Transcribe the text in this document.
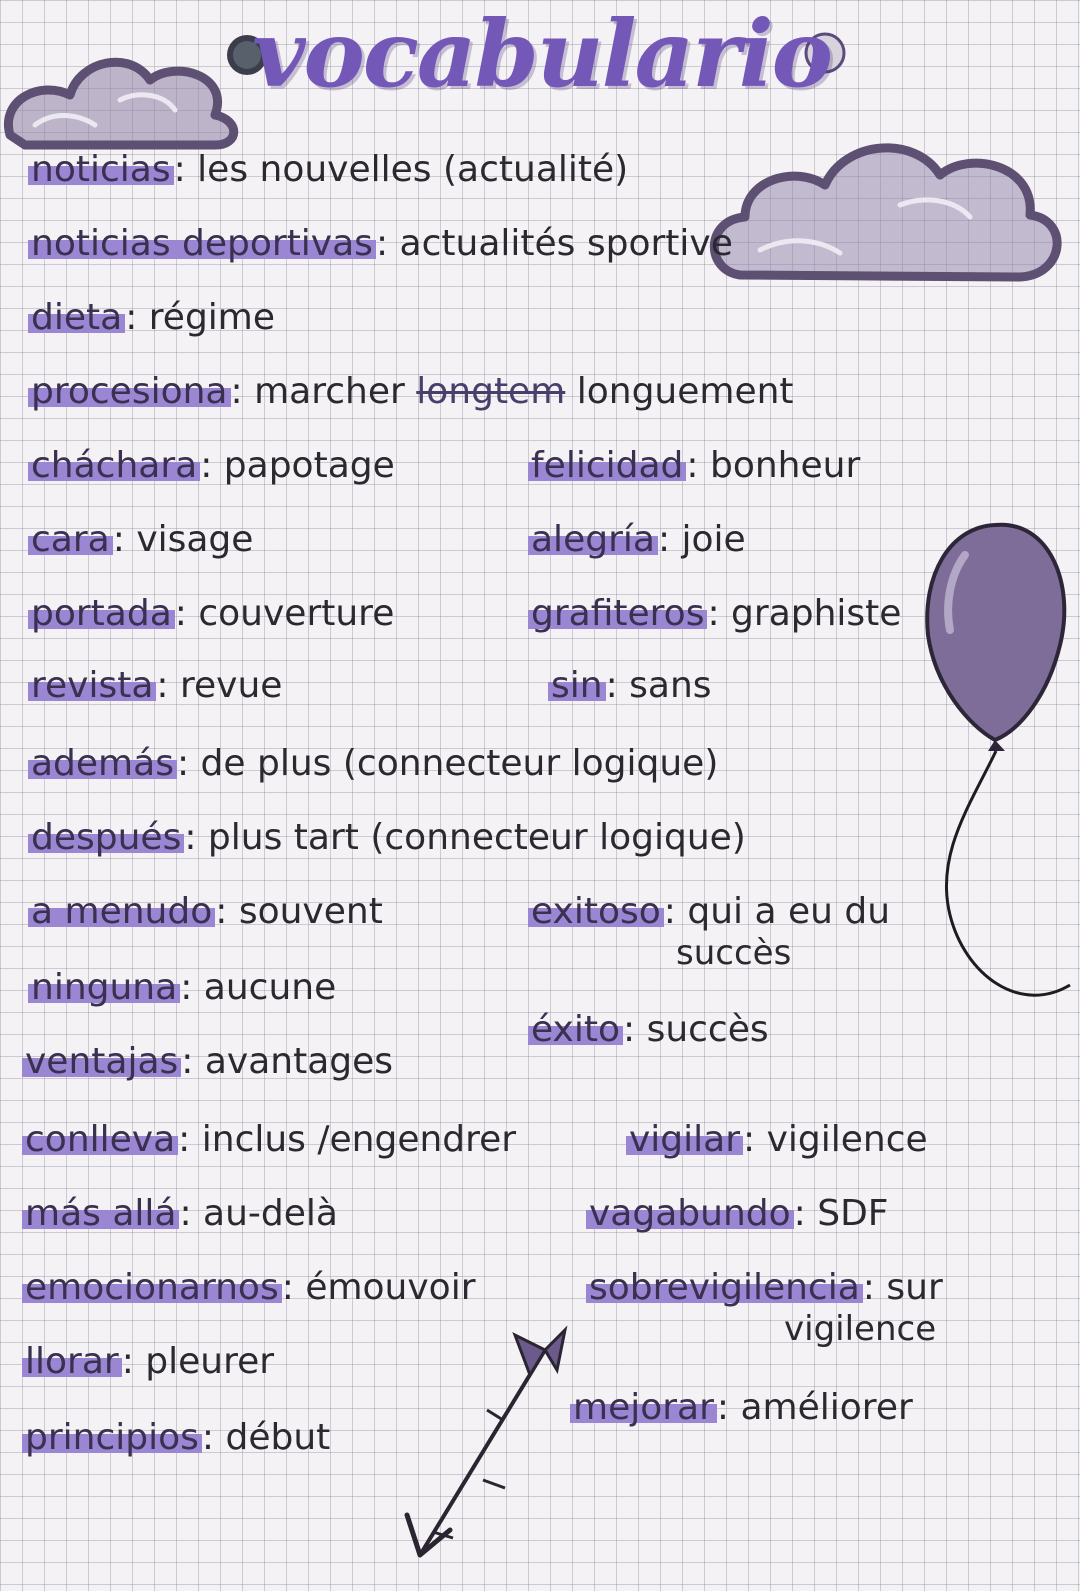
vocabulario
noticias: les nouvelles (actualité)
noticias deportivas: actualités sportive
dieta: régime
procesiona: marcher longtem longuement
cháchara: papotage	felicidad: bonheur
cara: visage	alegría: joie
portada: couverture	grafiteros: graphiste
revista: revue	sin: sans
además: de plus (connecteur logique)
después: plus tart (connecteur logique)
a menudo: souvent	exitoso: qui a eu du
succès
ninguna: aucune
éxito: succès
ventajas: avantages
conlleva: inclus /engendrer	vigilar: vigilence
más allá: au-delà	vagabundo: SDF
emocionarnos: émouvoir	sobrevigilencia: sur
vigilence
llorar: pleurer
mejorar: améliorer
principios: début
